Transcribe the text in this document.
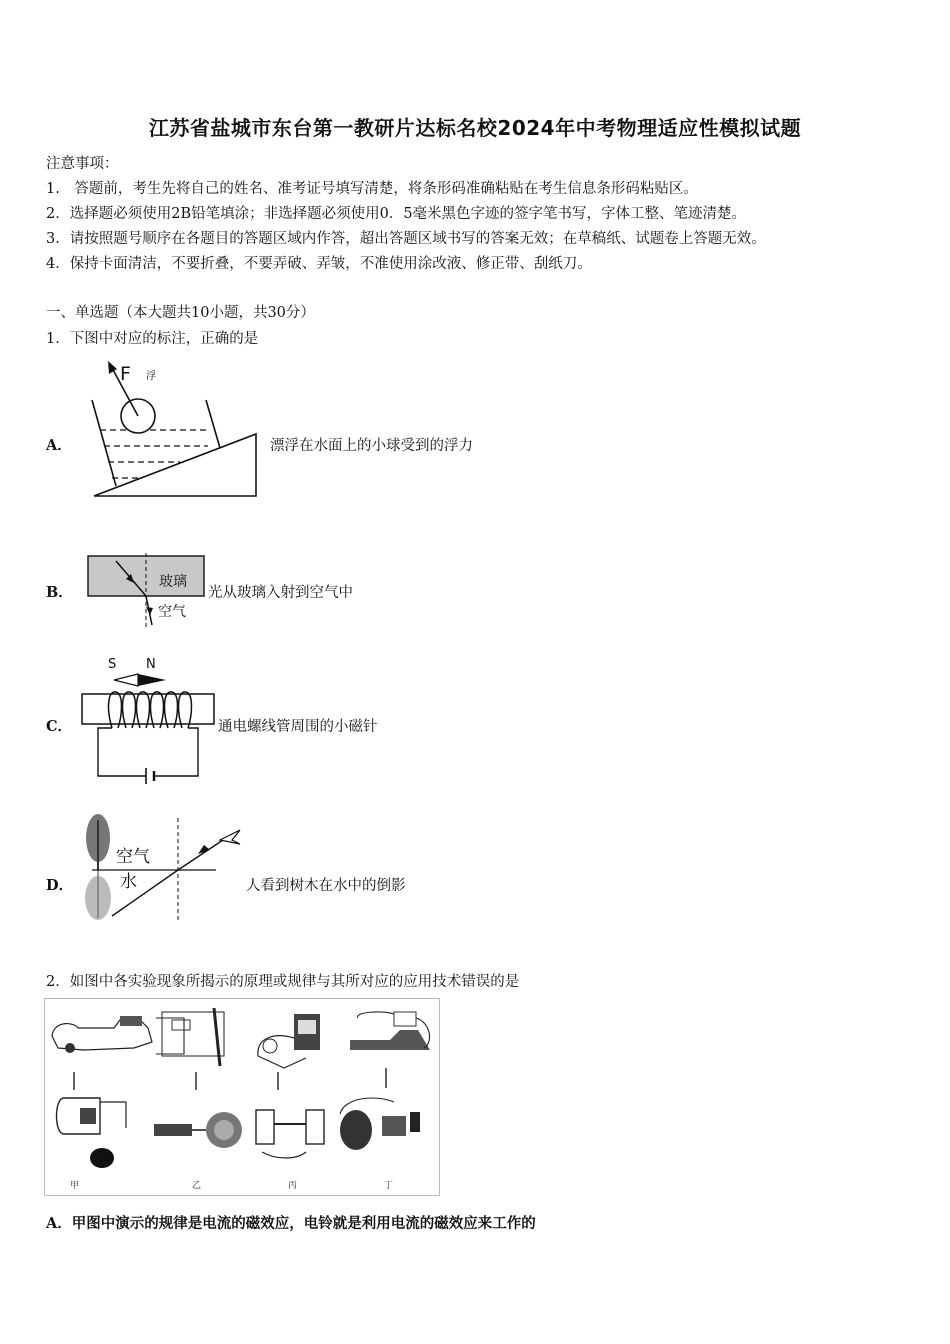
江苏省盐城市东台第一教研片达标名校2024年中考物理适应性模拟试题
注意事项：
1.　答题前，考生先将自己的姓名、准考证号填写清楚，将条形码准确粘贴在考生信息条形码粘贴区。
2．选择题必须使用2B铅笔填涂；非选择题必须使用0．5毫米黑色字迹的签字笔书写，字体工整、笔迹清楚。
3．请按照题号顺序在各题目的答题区域内作答，超出答题区域书写的答案无效；在草稿纸、试题卷上答题无效。
4．保持卡面清洁，不要折叠，不要弄破、弄皱，不准使用涂改液、修正带、刮纸刀。
一、单选题（本大题共10小题，共30分）
1．下图中对应的标注，正确的是
A．
F 浮
漂浮在水面上的小球受到的浮力
B．
玻璃
空气
光从玻璃入射到空气中
C．
S N
通电螺线管周围的小磁针
D．
空气
水	人看到树木在水中的倒影
2．如图中各实验现象所揭示的原理或规律与其所对应的应用技术错误的是
甲	乙	丙	丁
A．甲图中演示的规律是电流的磁效应，电铃就是利用电流的磁效应来工作的
